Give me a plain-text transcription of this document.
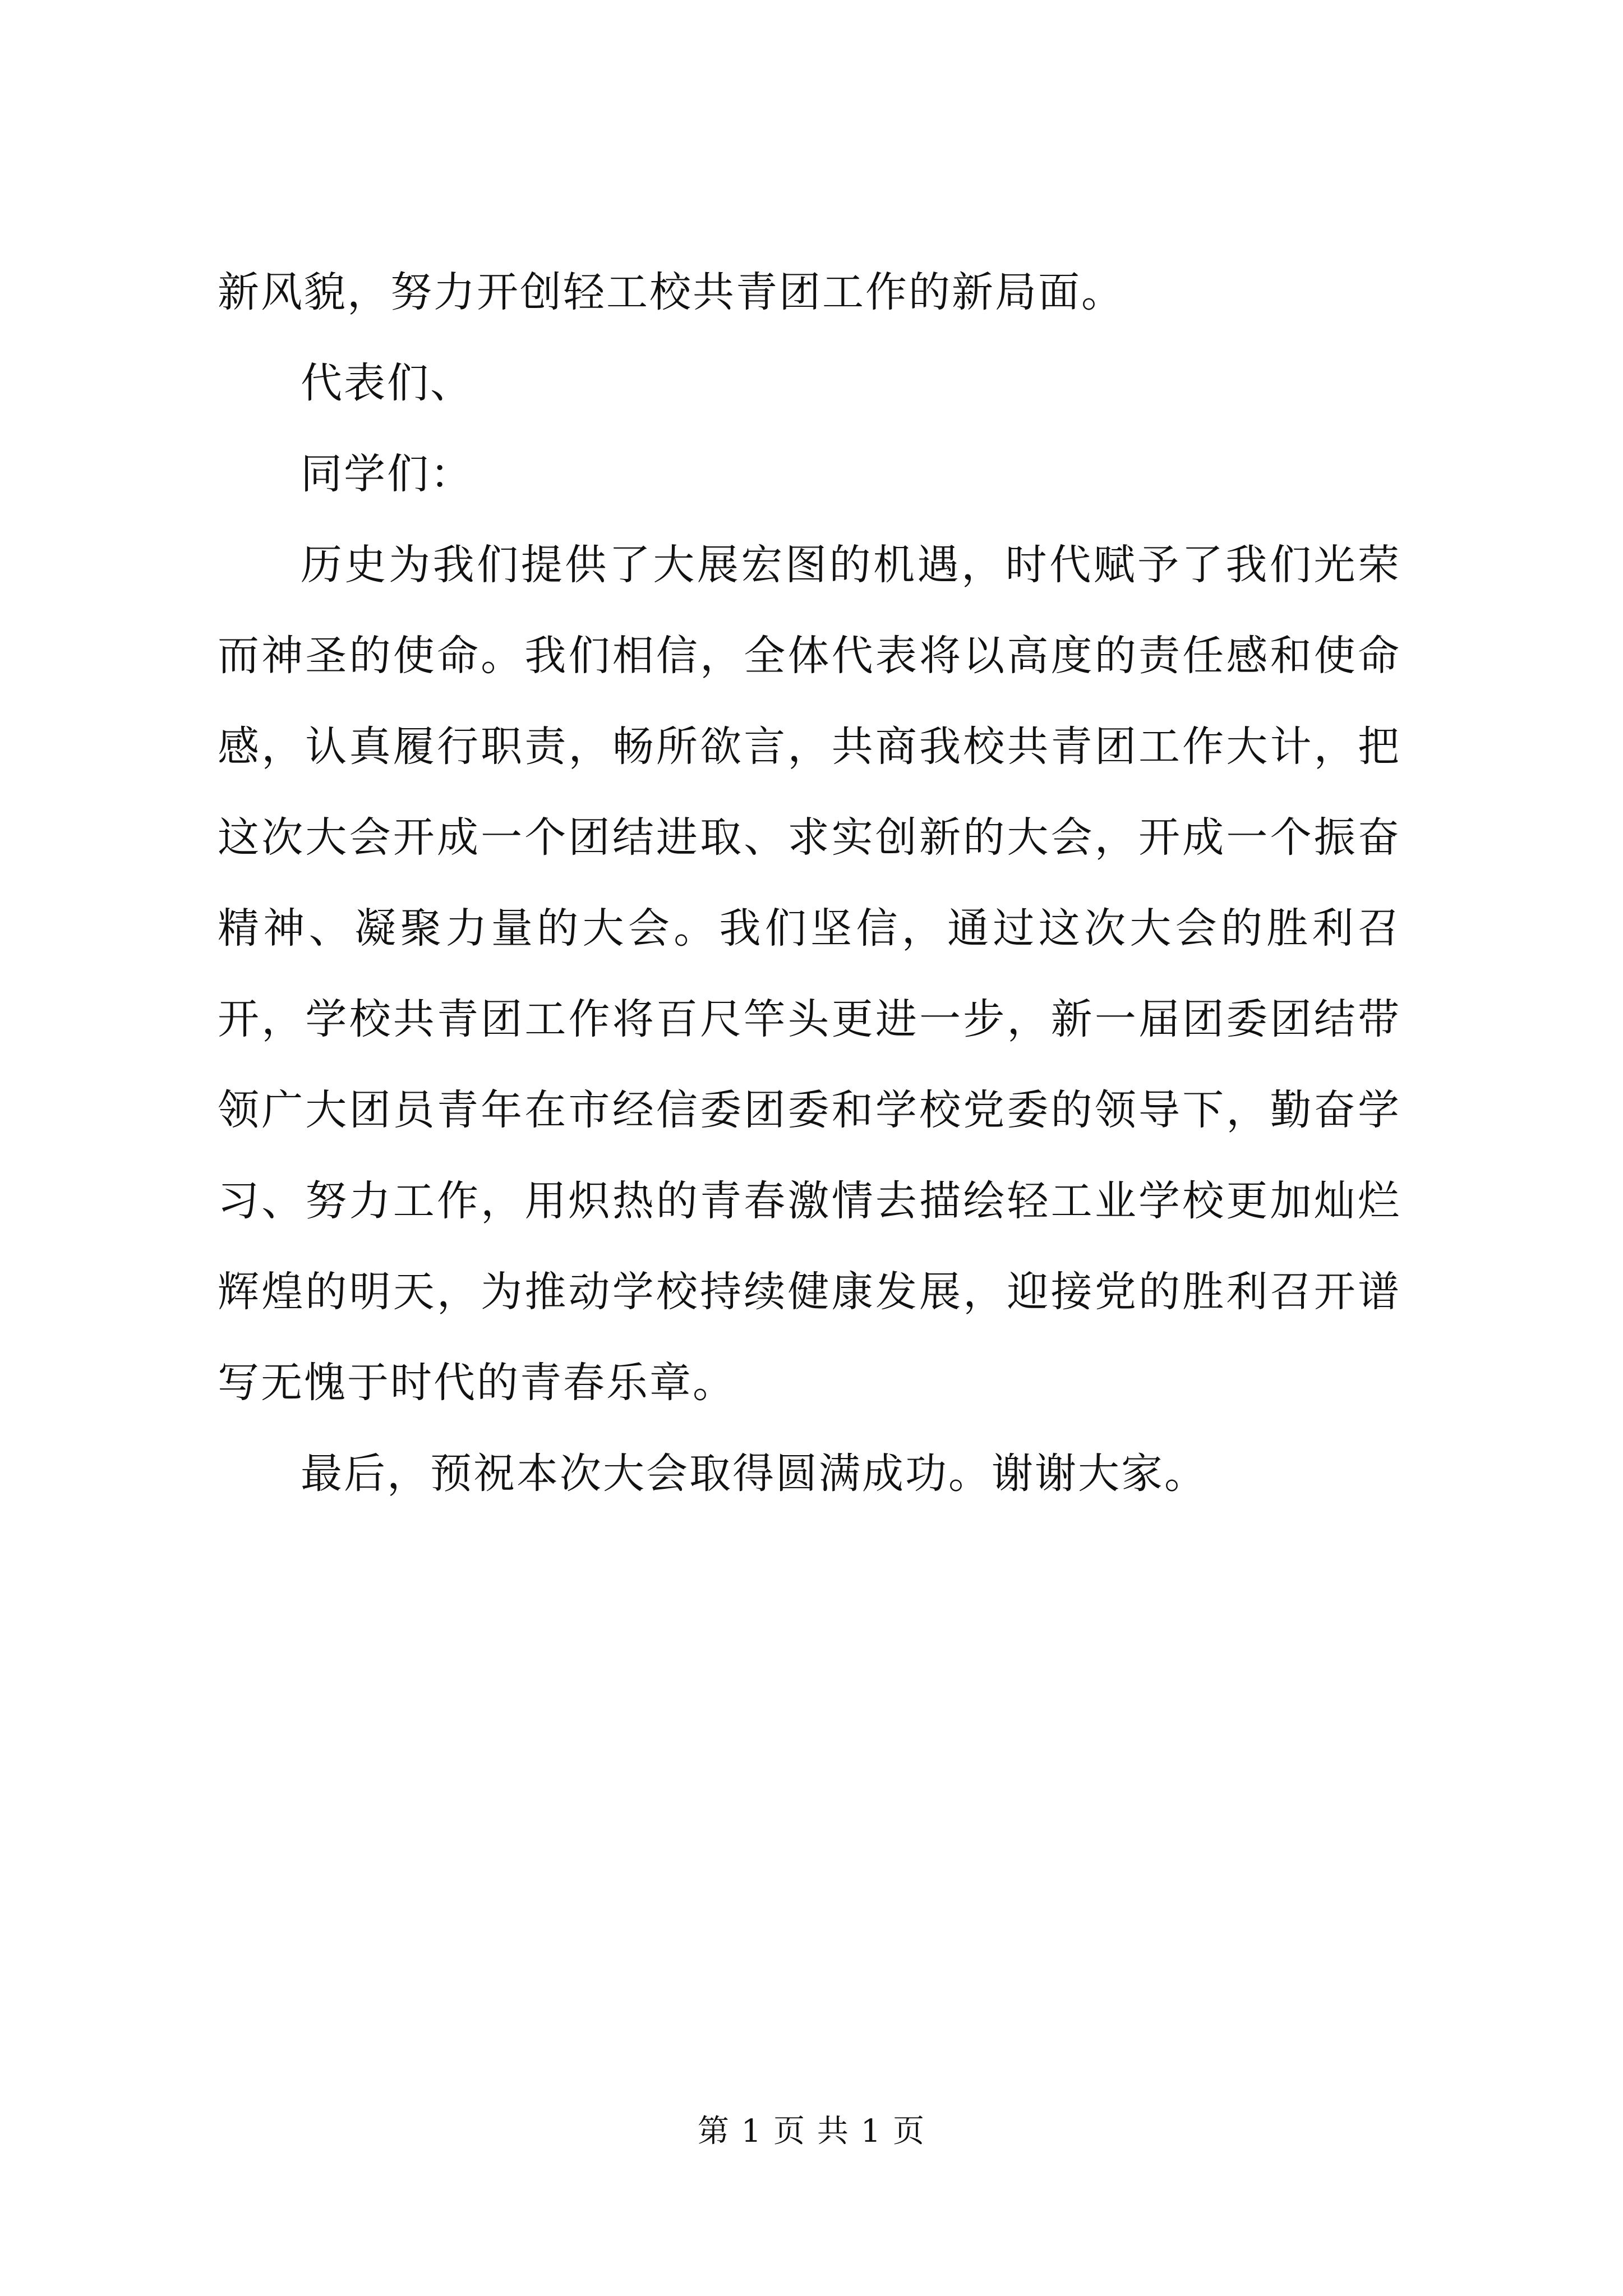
新风貌，努力开创轻工校共青团工作的新局面。

代表们、

同学们：

历史为我们提供了大展宏图的机遇，时代赋予了我们光荣而神圣的使命。我们相信，全体代表将以高度的责任感和使命感，认真履行职责，畅所欲言，共商我校共青团工作大计，把这次大会开成一个团结进取、求实创新的大会，开成一个振奋精神、凝聚力量的大会。我们坚信，通过这次大会的胜利召开，学校共青团工作将百尺竿头更进一步，新一届团委团结带领广大团员青年在市经信委团委和学校党委的领导下，勤奋学习、努力工作，用炽热的青春激情去描绘轻工业学校更加灿烂辉煌的明天，为推动学校持续健康发展，迎接党的胜利召开谱写无愧于时代的青春乐章。

最后，预祝本次大会取得圆满成功。谢谢大家。

第 1 页 共 1 页
